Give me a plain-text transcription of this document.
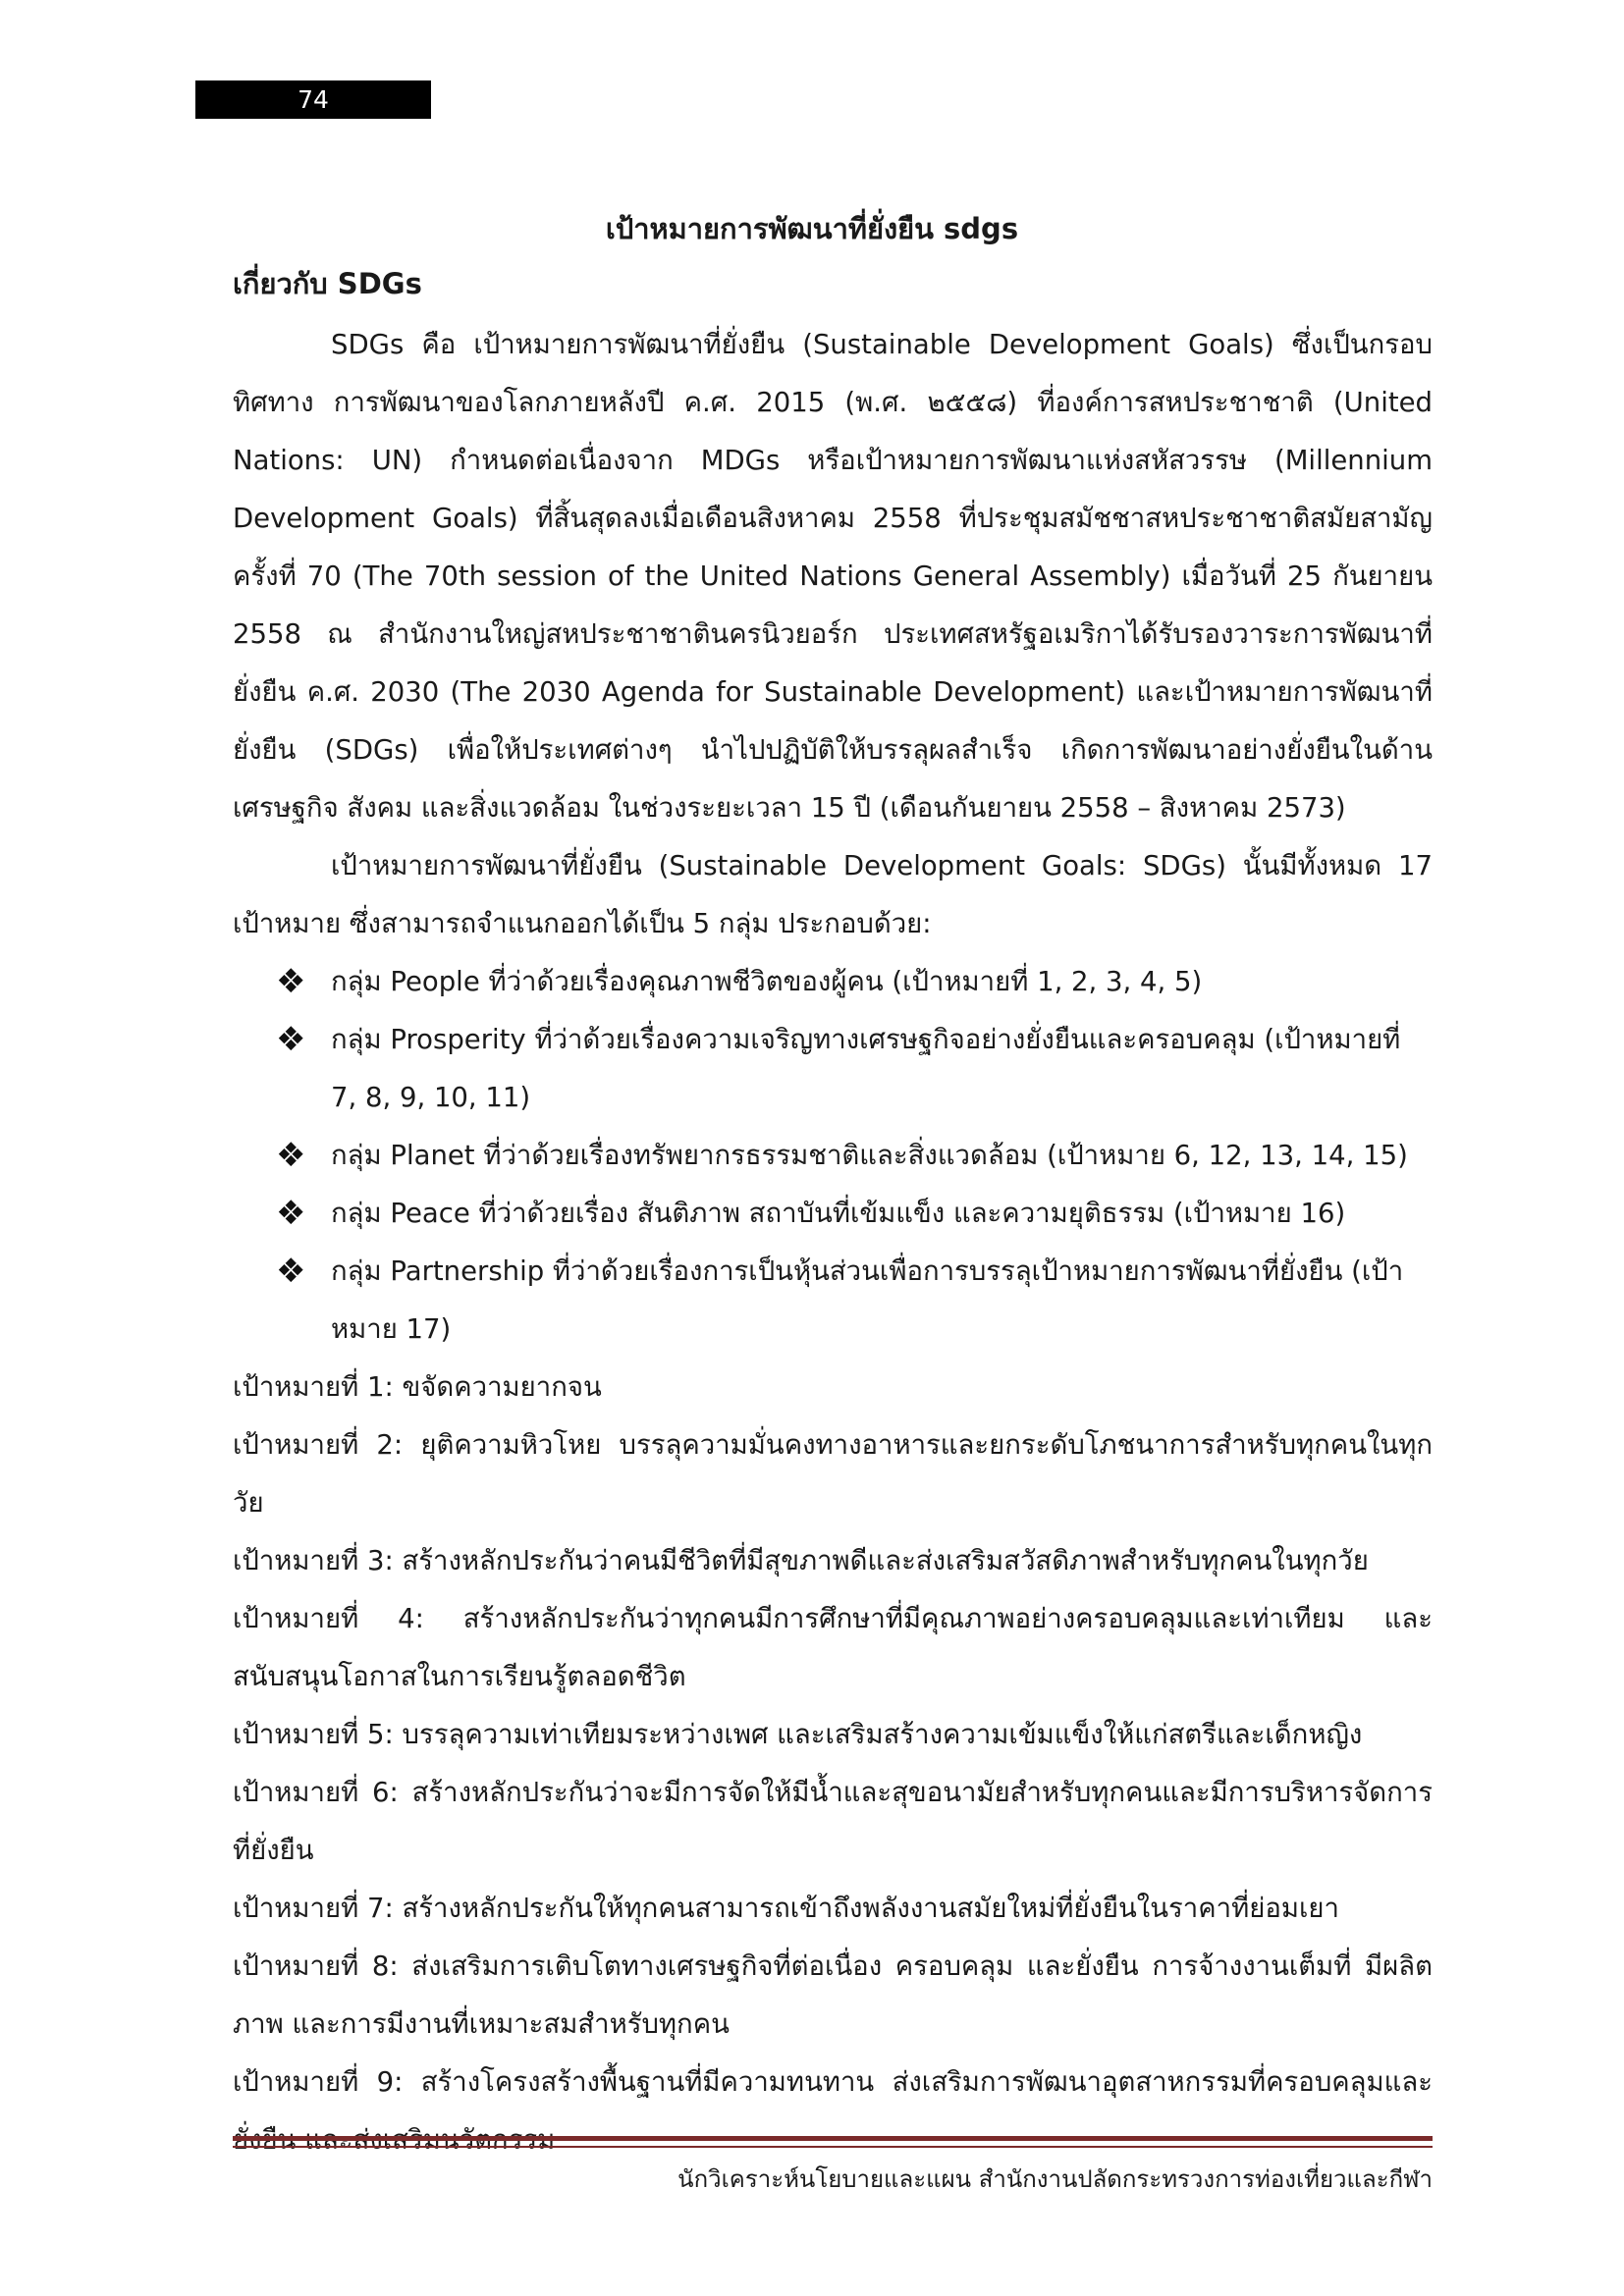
74
เป้าหมายการพัฒนาที่ยั่งยืน sdgs
เกี่ยวกับ SDGs

SDGs คือ เป้าหมายการพัฒนาที่ยั่งยืน (Sustainable Development Goals) ซึ่งเป็นกรอบทิศทาง การพัฒนาของโลกภายหลังปี ค.ศ. 2015 (พ.ศ. ๒๕๕๘) ที่องค์การสหประชาชาติ (United Nations: UN) กำหนดต่อเนื่องจาก MDGs หรือเป้าหมายการพัฒนาแห่งสหัสวรรษ (Millennium Development Goals) ที่สิ้นสุดลงเมื่อเดือนสิงหาคม 2558 ที่ประชุมสมัชชาสหประชาชาติสมัยสามัญครั้งที่ 70 (The 70th session of the United Nations General Assembly) เมื่อวันที่ 25 กันยายน 2558 ณ สำนักงานใหญ่สหประชาชาตินครนิวยอร์ก ประเทศสหรัฐอเมริกาได้รับรองวาระการพัฒนาที่ยั่งยืน ค.ศ. 2030 (The 2030 Agenda for Sustainable Development) และเป้าหมายการพัฒนาที่ยั่งยืน (SDGs) เพื่อให้ประเทศต่างๆ นำไปปฏิบัติให้บรรลุผลสำเร็จ เกิดการพัฒนาอย่างยั่งยืนในด้านเศรษฐกิจ สังคม และสิ่งแวดล้อม ในช่วงระยะเวลา 15 ปี (เดือนกันยายน 2558 – สิงหาคม 2573)

เป้าหมายการพัฒนาที่ยั่งยืน (Sustainable Development Goals: SDGs) นั้นมีทั้งหมด 17 เป้าหมาย ซึ่งสามารถจำแนกออกได้เป็น 5 กลุ่ม ประกอบด้วย:

❖ กลุ่ม People ที่ว่าด้วยเรื่องคุณภาพชีวิตของผู้คน (เป้าหมายที่ 1, 2, 3, 4, 5)
❖ กลุ่ม Prosperity ที่ว่าด้วยเรื่องความเจริญทางเศรษฐกิจอย่างยั่งยืนและครอบคลุม (เป้าหมายที่ 7, 8, 9, 10, 11)
❖ กลุ่ม Planet ที่ว่าด้วยเรื่องทรัพยากรธรรมชาติและสิ่งแวดล้อม (เป้าหมาย 6, 12, 13, 14, 15)
❖ กลุ่ม Peace ที่ว่าด้วยเรื่อง สันติภาพ สถาบันที่เข้มแข็ง และความยุติธรรม (เป้าหมาย 16)
❖ กลุ่ม Partnership ที่ว่าด้วยเรื่องการเป็นหุ้นส่วนเพื่อการบรรลุเป้าหมายการพัฒนาที่ยั่งยืน (เป้าหมาย 17)

เป้าหมายที่ 1: ขจัดความยากจน

เป้าหมายที่ 2: ยุติความหิวโหย บรรลุความมั่นคงทางอาหารและยกระดับโภชนาการสำหรับทุกคนในทุกวัย

เป้าหมายที่ 3: สร้างหลักประกันว่าคนมีชีวิตที่มีสุขภาพดีและส่งเสริมสวัสดิภาพสำหรับทุกคนในทุกวัย

เป้าหมายที่ 4: สร้างหลักประกันว่าทุกคนมีการศึกษาที่มีคุณภาพอย่างครอบคลุมและเท่าเทียม และสนับสนุนโอกาสในการเรียนรู้ตลอดชีวิต

เป้าหมายที่ 5: บรรลุความเท่าเทียมระหว่างเพศ และเสริมสร้างความเข้มแข็งให้แก่สตรีและเด็กหญิง

เป้าหมายที่ 6: สร้างหลักประกันว่าจะมีการจัดให้มีน้ำและสุขอนามัยสำหรับทุกคนและมีการบริหารจัดการที่ยั่งยืน

เป้าหมายที่ 7: สร้างหลักประกันให้ทุกคนสามารถเข้าถึงพลังงานสมัยใหม่ที่ยั่งยืนในราคาที่ย่อมเยา

เป้าหมายที่ 8: ส่งเสริมการเติบโตทางเศรษฐกิจที่ต่อเนื่อง ครอบคลุม และยั่งยืน การจ้างงานเต็มที่ มีผลิตภาพ และการมีงานที่เหมาะสมสำหรับทุกคน

เป้าหมายที่ 9: สร้างโครงสร้างพื้นฐานที่มีความทนทาน ส่งเสริมการพัฒนาอุตสาหกรรมที่ครอบคลุมและ

นักวิเคราะห์นโยบายและแผน สำนักงานปลัดกระทรวงการท่องเที่ยวและกีฬา
